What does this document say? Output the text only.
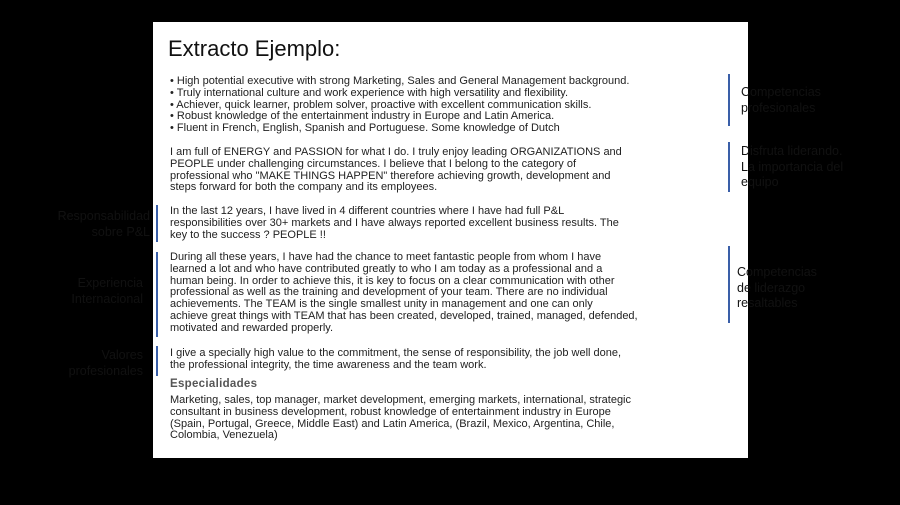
Extracto Ejemplo:
• High potential executive with strong Marketing, Sales and General Management background.
• Truly international culture and work experience with high versatility and flexibility.
• Achiever, quick learner, problem solver, proactive with excellent communication skills.
• Robust knowledge of the entertainment industry in Europe and Latin America.
• Fluent in French, English, Spanish and Portuguese. Some knowledge of Dutch
I am full of ENERGY and PASSION for what I do. I truly enjoy leading ORGANIZATIONS and
PEOPLE under challenging circumstances. I believe that I belong to the category of
professional who "MAKE THINGS HAPPEN" therefore achieving growth, development and
steps forward for both the company and its employees.
In the last 12 years, I have lived in 4 different countries where I have had full P&L
responsibilities over 30+ markets and I have always reported excellent business results. The
key to the success ? PEOPLE !!
During all these years, I have had the chance to meet fantastic people from whom I have
learned a lot and who have contributed greatly to who I am today as a professional and a
human being. In order to achieve this, it is key to focus on a clear communication with other
professional as well as the training and development of your team. There are no individual
achievements. The TEAM is the single smallest unity in management and one can only
achieve great things with TEAM that has been created, developed, trained, managed, defended,
motivated and rewarded properly.
I give a specially high value to the commitment, the sense of responsibility, the job well done,
the professional integrity, the time awareness and the team work.
Especialidades
Marketing, sales, top manager, market development, emerging markets, international, strategic
consultant in business development, robust knowledge of entertainment industry in Europe
(Spain, Portugal, Greece, Middle East) and Latin America, (Brazil, Mexico, Argentina, Chile,
Colombia, Venezuela)
Competencias
profesionales
Disfruta liderando.
La importancia del
equipo
Competencias
de liderazgo
resaltables
Responsabilidad
sobre P&L
Experiencia
Internacional
Valores
profesionales
